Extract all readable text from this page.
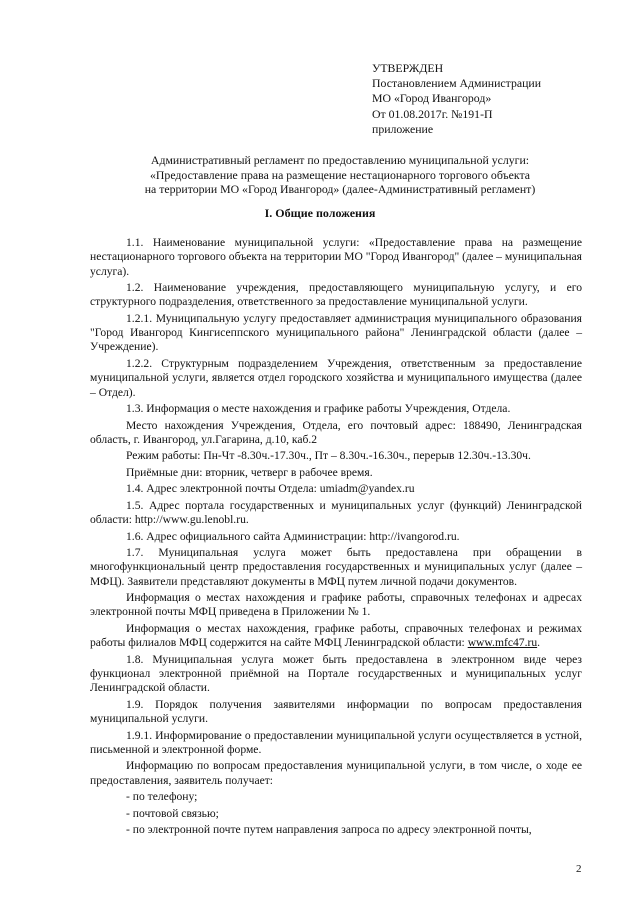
УТВЕРЖДЕН
Постановлением Администрации
МО «Город Ивангород»
От 01.08.2017г. №191-П
приложение
Административный регламент по предоставлению муниципальной услуги:
«Предоставление права на размещение нестационарного торгового объекта
на территории МО «Город Ивангород» (далее-Административный регламент)
I. Общие положения

1.1. Наименование муниципальной услуги: «Предоставление права на размещение нестационарного торгового объекта на территории МО "Город Ивангород" (далее – муниципальная услуга).

1.2. Наименование учреждения, предоставляющего муниципальную услугу, и его структурного подразделения, ответственного за предоставление муниципальной услуги.

1.2.1. Муниципальную услугу предоставляет администрация муниципального образования "Город Ивангород Кингисеппского муниципального района" Ленинградской области (далее – Учреждение).

1.2.2. Структурным подразделением Учреждения, ответственным за предоставление муниципальной услуги, является отдел городского хозяйства и муниципального имущества (далее – Отдел).

1.3. Информация о месте нахождения и графике работы Учреждения, Отдела.

Место нахождения Учреждения, Отдела, его почтовый адрес: 188490, Ленинградская область, г. Ивангород, ул.Гагарина, д.10, каб.2

Режим работы: Пн-Чт -8.30ч.-17.30ч., Пт – 8.30ч.-16.30ч., перерыв 12.30ч.-13.30ч.

Приёмные дни: вторник, четверг в рабочее время.

1.4. Адрес электронной почты Отдела: umiadm@yandex.ru

1.5. Адрес портала государственных и муниципальных услуг (функций) Ленинградской области: http://www.gu.lenobl.ru.

1.6. Адрес официального сайта Администрации: http://ivangorod.ru.

1.7. Муниципальная услуга может быть предоставлена при обращении в многофункциональный центр предоставления государственных и муниципальных услуг (далее – МФЦ). Заявители представляют документы в МФЦ путем личной подачи документов.

Информация о местах нахождения и графике работы, справочных телефонах и адресах электронной почты МФЦ приведена в Приложении № 1.

Информация о местах нахождения, графике работы, справочных телефонах и режимах работы филиалов МФЦ содержится на сайте МФЦ Ленинградской области: www.mfc47.ru.

1.8. Муниципальная услуга может быть предоставлена в электронном виде через функционал электронной приёмной на Портале государственных и муниципальных услуг Ленинградской области.

1.9. Порядок получения заявителями информации по вопросам предоставления муниципальной услуги.

1.9.1. Информирование о предоставлении муниципальной услуги осуществляется в устной, письменной и электронной форме.

Информацию по вопросам предоставления муниципальной услуги, в том числе, о ходе ее предоставления, заявитель получает:

- по телефону;

- почтовой связью;

- по электронной почте путем направления запроса по адресу электронной почты,

2
